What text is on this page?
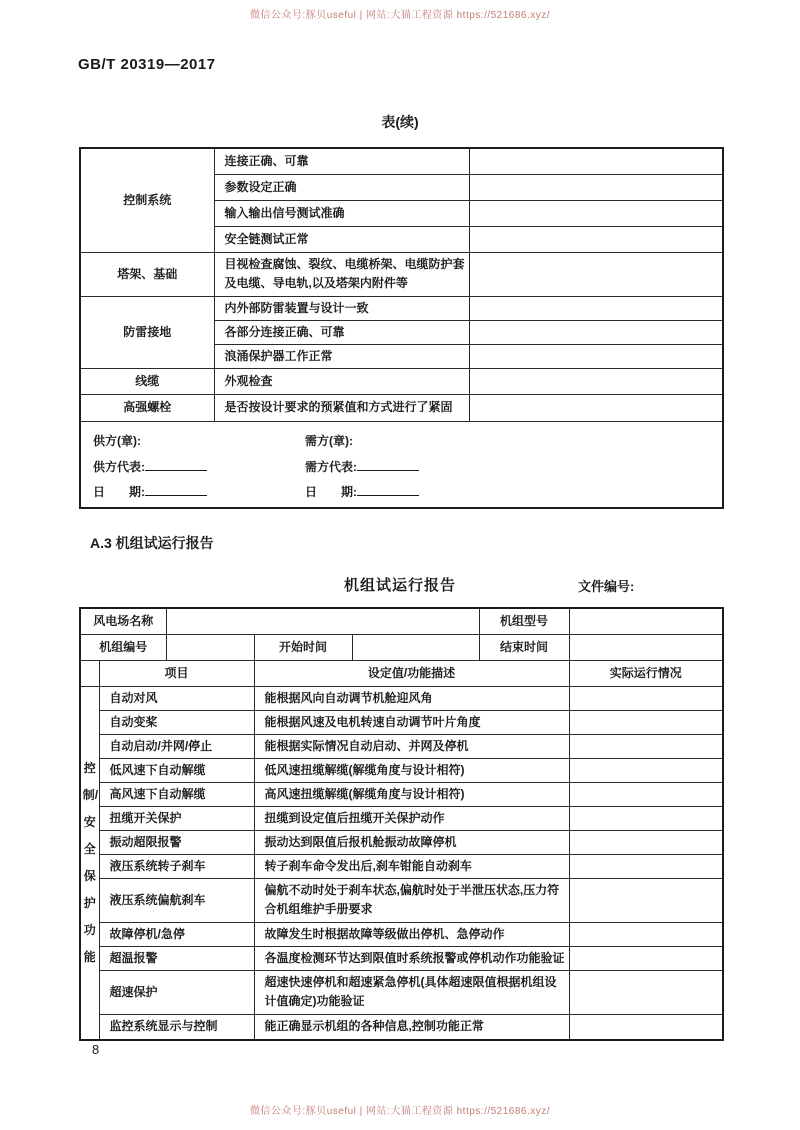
微信公众号:豚贝useful | 网站:大猫工程资源 https://521686.xyz/
GB/T 20319—2017
表(续)
控制系统	连接正确、可靠	
	参数设定正确	
	输入输出信号测试准确	
	安全链测试正常	
塔架、基础	目视检查腐蚀、裂纹、电缆桥架、电缆防护套及电缆、导电轨,以及塔架内附件等	
防雷接地	内外部防雷装置与设计一致	
	各部分连接正确、可靠	
	浪涌保护器工作正常	
线缆	外观检查	
高强螺栓	是否按设计要求的预紧值和方式进行了紧固	

供方(章):	需方(章):
供方代表:	需方代表:
日　　期:	日　　期:
A.3 机组试运行报告
机组试运行报告	文件编号:
风电场名称					机组型号	
机组编号			开始时间		结束时间	
	项目		设定值/功能描述			实际运行情况

控制/安全保护功能	自动对风		能根据风向自动调节机舱迎风角			
	自动变桨		能根据风速及电机转速自动调节叶片角度			
	自动启动/并网/停止		能根据实际情况自动启动、并网及停机			
	低风速下自动解缆		低风速扭缆解缆(解缆角度与设计相符)			
	高风速下自动解缆		高风速扭缆解缆(解缆角度与设计相符)			
	扭缆开关保护		扭缆到设定值后扭缆开关保护动作			
	振动超限报警		振动达到限值后报机舱振动故障停机			
	液压系统转子刹车		转子刹车命令发出后,刹车钳能自动刹车			
	液压系统偏航刹车		偏航不动时处于刹车状态,偏航时处于半泄压状态,压力符合机组维护手册要求			
	故障停机/急停		故障发生时根据故障等级做出停机、急停动作			
	超温报警		各温度检测环节达到限值时系统报警或停机动作功能验证			
	超速保护		超速快速停机和超速紧急停机(具体超速限值根据机组设计值确定)功能验证			
	监控系统显示与控制		能正确显示机组的各种信息,控制功能正常			
8
微信公众号:豚贝useful | 网站:大猫工程资源 https://521686.xyz/
